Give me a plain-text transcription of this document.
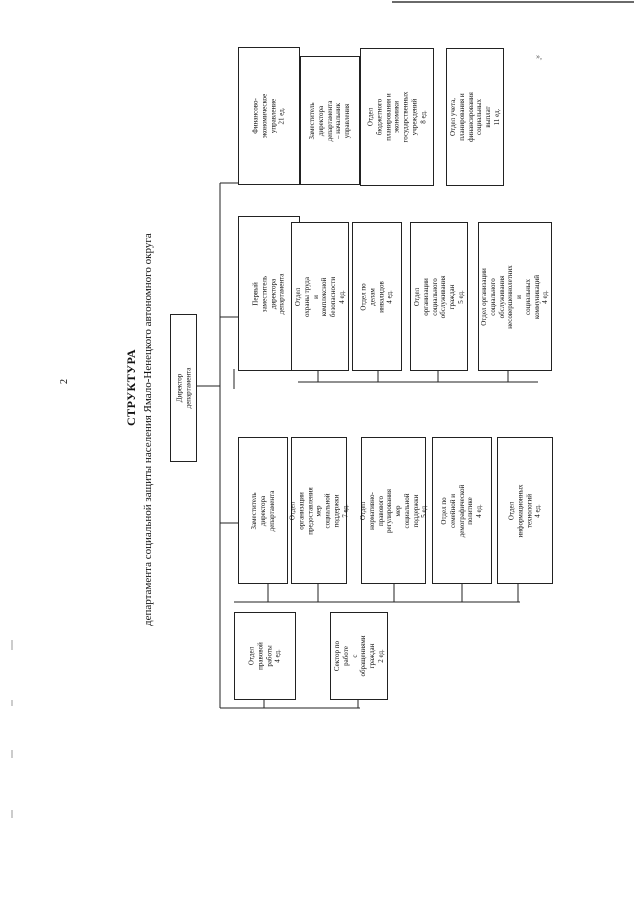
2	СТРУКТУРА департамента социальной защиты населения Ямало-Ненецкого автономного округа	Директор департамента
Финансово-экономическое
управление
21 ед.	Заместитель директора
департамента – начальник
управления Отдел бюджетного
планирования и экономики
государственных учреждений
8 ед.
Отдел учета, планирования и
финансирования социальных
выплат
11 ед.
Первый заместитель директора
департамента Отдел охраны труда и
комплексной безопасности
4 ед. Отдел по делам инвалидов
4 ед.	Отдел организации социального
обслуживания граждан
5 ед.
Отдел организации социального
обслуживания
несовершеннолетних и
социальных коммуникаций
4 ед.
Заместитель директора
департамента Отдел организации
предоставления мер
социальной поддержки
7 ед. Отдел нормативно-правового
регулирования мер социальной
поддержки
5 ед. Отдел по семейной и
демографической политике
4 ед.	Отдел информационных
технологий
4 ед.
Отдел правовой
работы
4 ед.	Сектор по работе
с обращениями
граждан
2 ед.
»,
